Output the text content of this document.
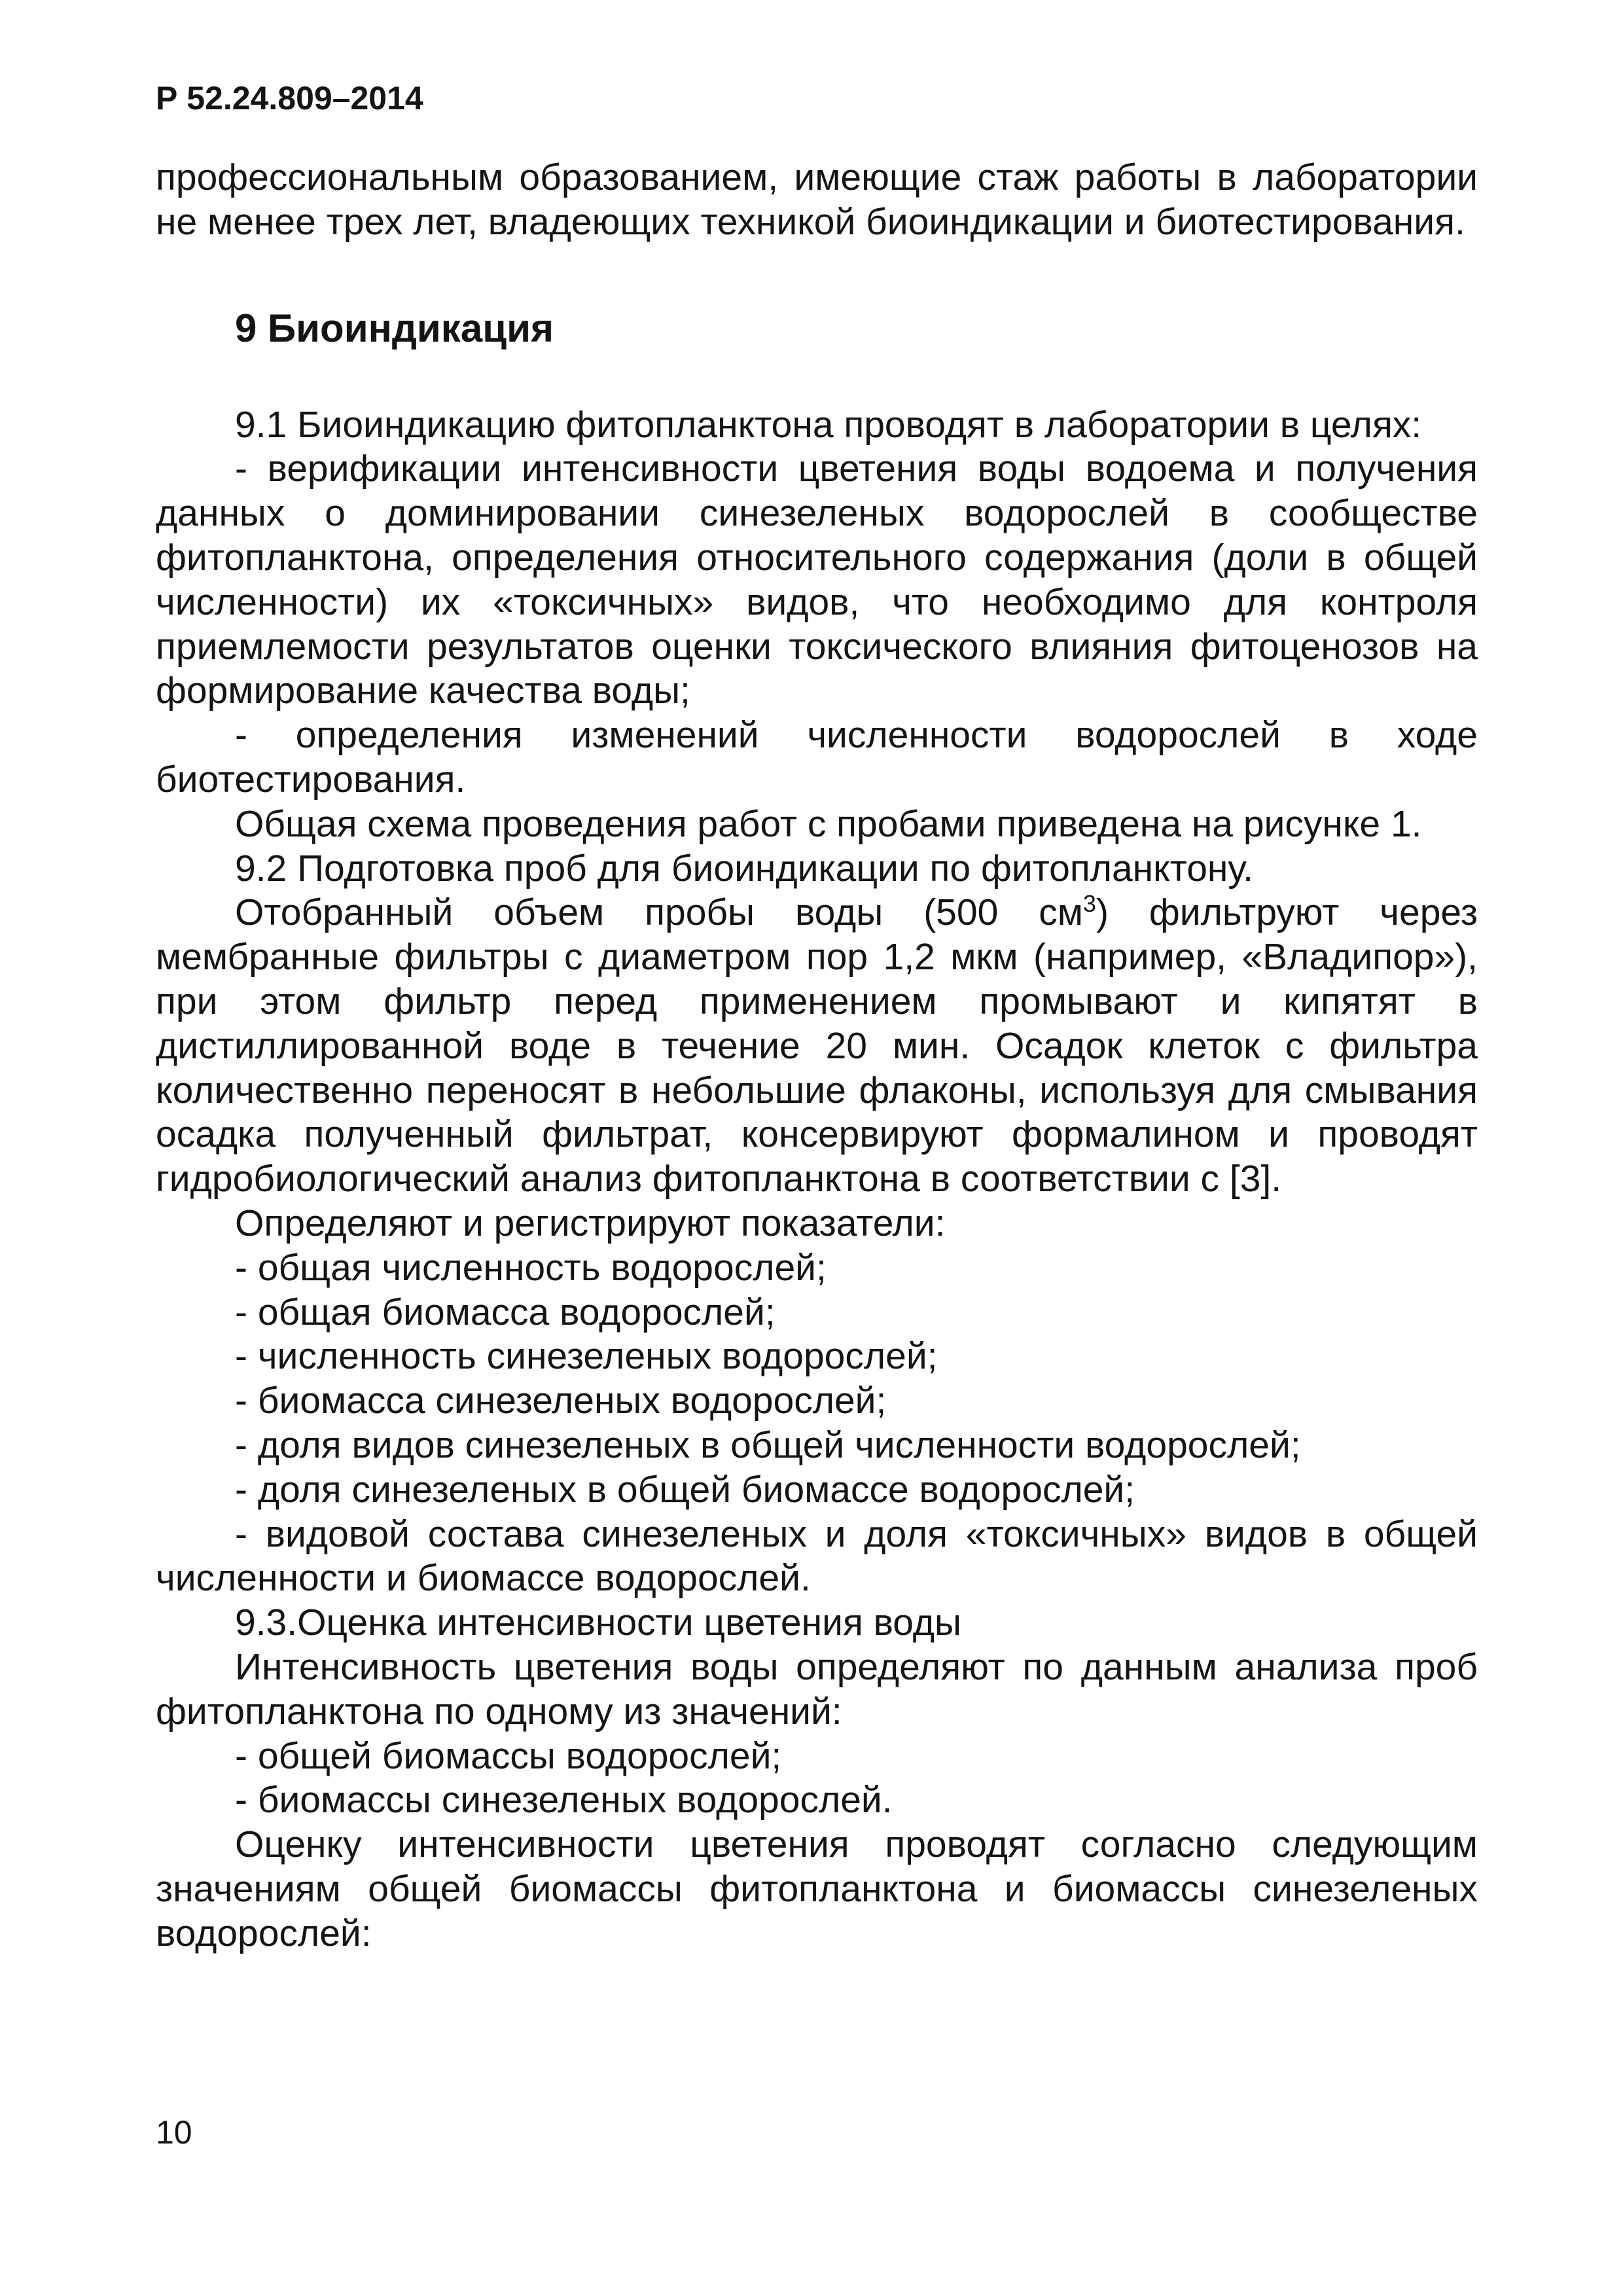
Р 52.24.809–2014

профессиональным образованием, имеющие стаж работы в лаборатории не менее трех лет, владеющих техникой биоиндикации и биотестирования.

9 Биоиндикация

9.1 Биоиндикацию фитопланктона проводят в лаборатории в целях:

- верификации интенсивности цветения воды водоема и получения данных о доминировании синезеленых водорослей в сообществе фитопланктона, определения относительного содержания (доли в общей численности) их «токсичных» видов, что необходимо для контроля приемлемости результатов оценки токсического влияния фитоценозов на формирование качества воды;

- определения изменений численности водорослей в ходе биотестирования.

Общая схема проведения работ с пробами приведена на рисунке 1.

9.2 Подготовка проб для биоиндикации по фитопланктону.

Отобранный объем пробы воды (500 $см^3$) фильтруют через мембранные фильтры с диаметром пор 1,2 мкм (например, «Владипор»), при этом фильтр перед применением промывают и кипятят в дистиллированной воде в течение 20 мин. Осадок клеток с фильтра количественно переносят в небольшие флаконы, используя для смывания осадка полученный фильтрат, консервируют формалином и проводят гидробиологический анализ фитопланктона в соответствии с [3].

Определяют и регистрируют показатели:

- общая численность водорослей;

- общая биомасса водорослей;

- численность синезеленых водорослей;

- биомасса синезеленых водорослей;

- доля видов синезеленых в общей численности водорослей;

- доля синезеленых в общей биомассе водорослей;

- видовой состава синезеленых и доля «токсичных» видов в общей численности и биомассе водорослей.

9.3.Оценка интенсивности цветения воды

Интенсивность цветения воды определяют по данным анализа проб фитопланктона по одному из значений:

- общей биомассы водорослей;

- биомассы синезеленых водорослей.

Оценку интенсивности цветения проводят согласно следующим значениям общей биомассы фитопланктона и биомассы синезеленых водорослей:

10
